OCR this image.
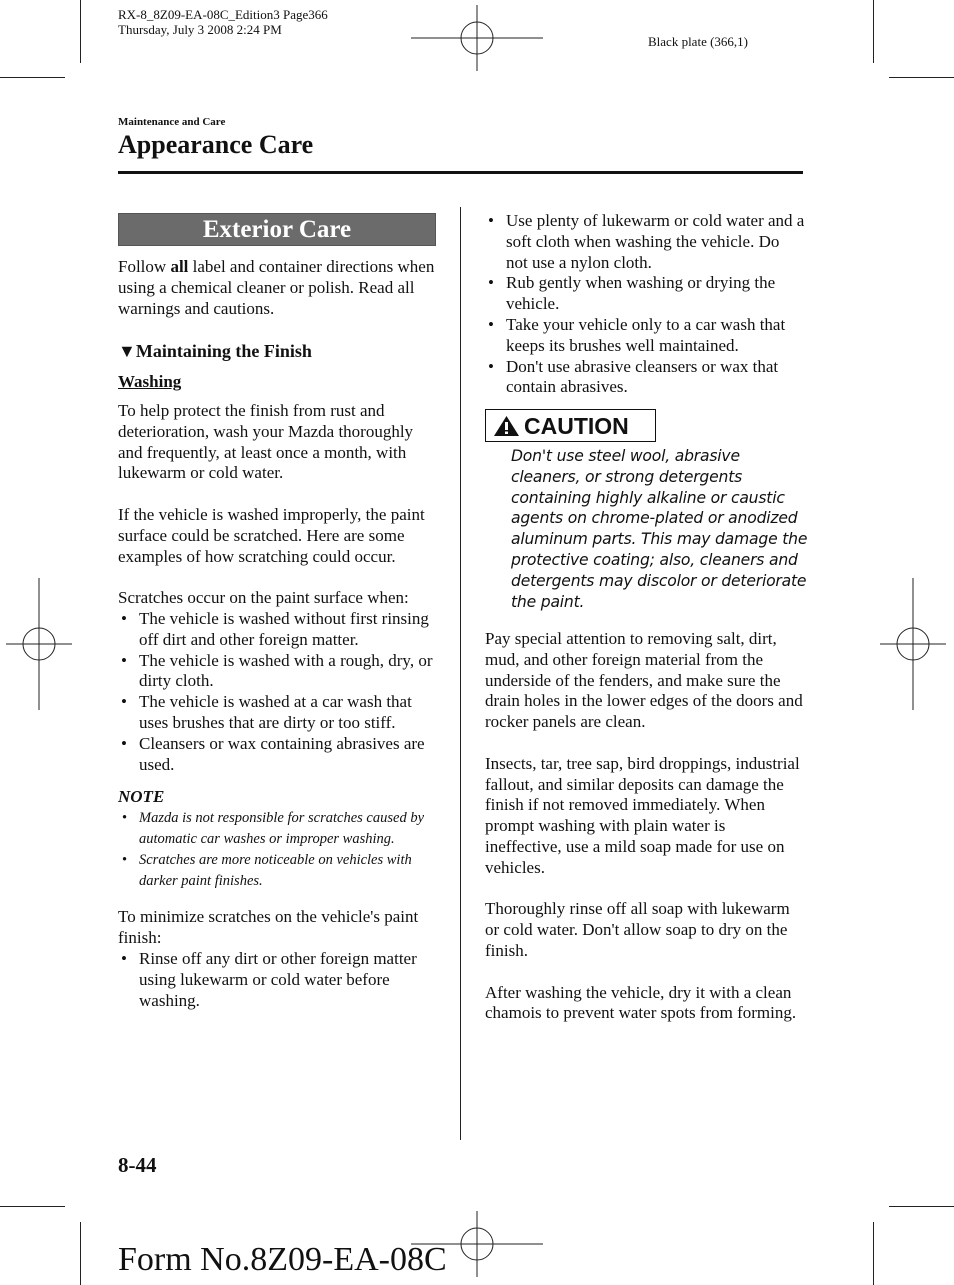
RX-8_8Z09-EA-08C_Edition3 Page366
Thursday, July 3 2008 2:24 PM
Black plate (366,1)
Maintenance and Care
Appearance Care
Exterior Care

Follow all label and container directions when using a chemical cleaner or polish. Read all warnings and cautions.

▼Maintaining the Finish

Washing

To help protect the finish from rust and deterioration, wash your Mazda thoroughly and frequently, at least once a month, with lukewarm or cold water.

If the vehicle is washed improperly, the paint surface could be scratched. Here are some examples of how scratching could occur.

Scratches occur on the paint surface when:

• The vehicle is washed without first rinsing off dirt and other foreign matter.
• The vehicle is washed with a rough, dry, or dirty cloth.
• The vehicle is washed at a car wash that uses brushes that are dirty or too stiff.
• Cleansers or wax containing abrasives are used.

NOTE

• Mazda is not responsible for scratches caused by automatic car washes or improper washing.
• Scratches are more noticeable on vehicles with darker paint finishes.

To minimize scratches on the vehicle's paint finish:

• Rinse off any dirt or other foreign matter using lukewarm or cold water before washing.
• Use plenty of lukewarm or cold water and a soft cloth when washing the vehicle. Do not use a nylon cloth.
• Rub gently when washing or drying the vehicle.
• Take your vehicle only to a car wash that keeps its brushes well maintained.
• Don't use abrasive cleansers or wax that contain abrasives.
CAUTION
Don't use steel wool, abrasive cleaners, or strong detergents containing highly alkaline or caustic agents on chrome-plated or anodized aluminum parts. This may damage the protective coating; also, cleaners and detergents may discolor or deteriorate the paint.

Pay special attention to removing salt, dirt, mud, and other foreign material from the underside of the fenders, and make sure the drain holes in the lower edges of the doors and rocker panels are clean.

Insects, tar, tree sap, bird droppings, industrial fallout, and similar deposits can damage the finish if not removed immediately. When prompt washing with plain water is ineffective, use a mild soap made for use on vehicles.

Thoroughly rinse off all soap with lukewarm or cold water. Don't allow soap to dry on the finish.

After washing the vehicle, dry it with a clean chamois to prevent water spots from forming.

8-44
Form No.8Z09-EA-08C
